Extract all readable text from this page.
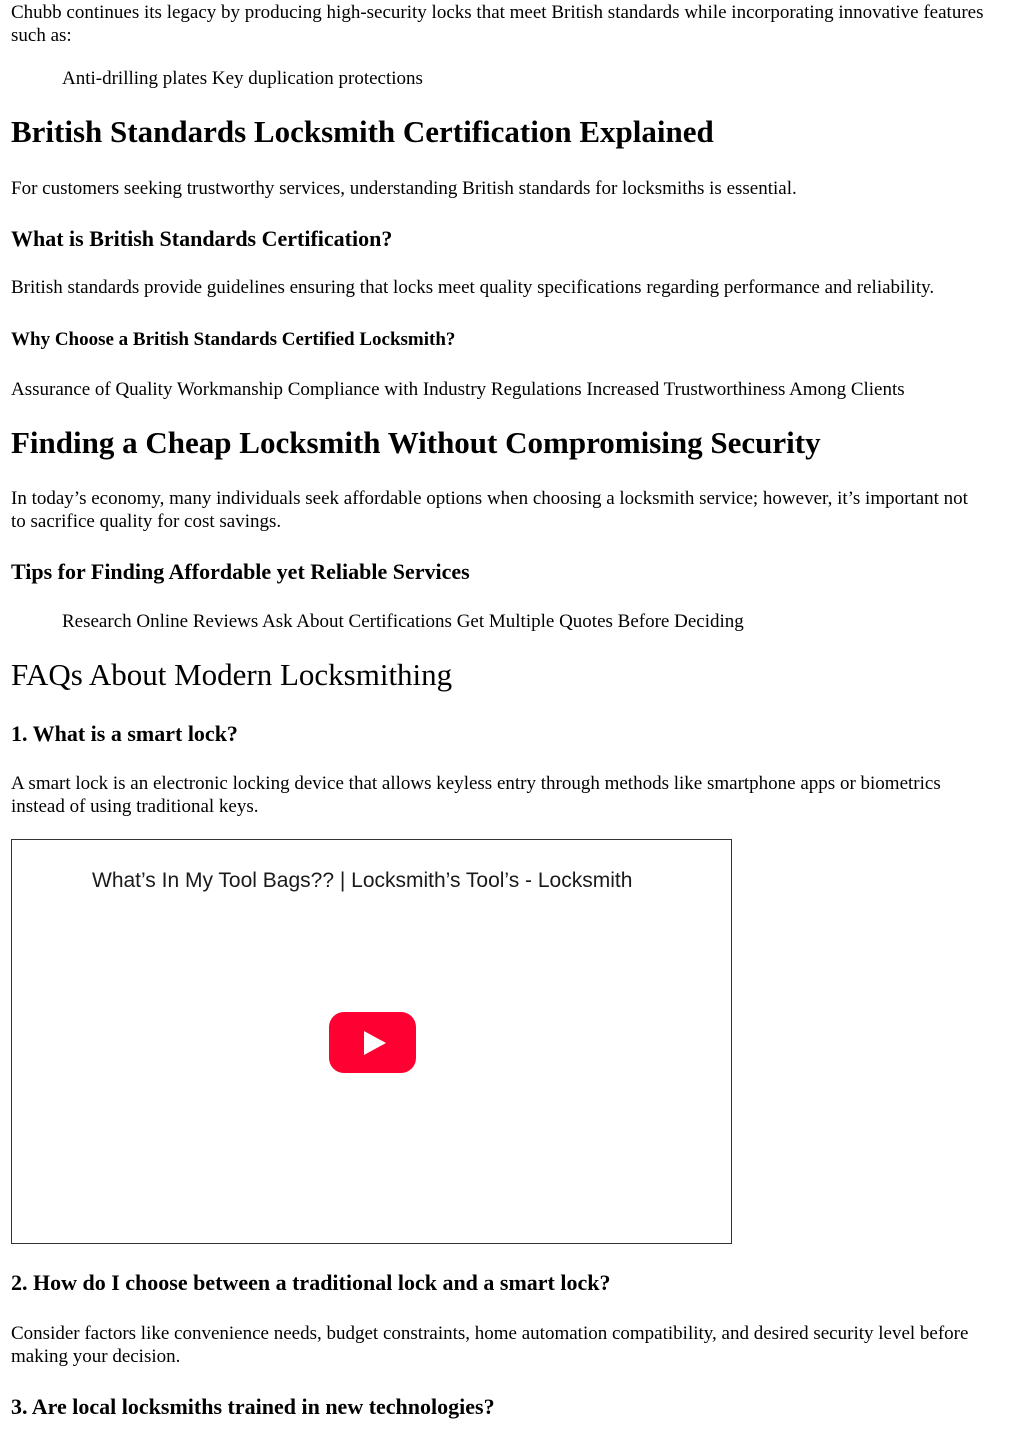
Chubb continues its legacy by producing high-security locks that meet British standards while incorporating innovative features such as:

Anti-drilling plates Key duplication protections

British Standards Locksmith Certification Explained

For customers seeking trustworthy services, understanding British standards for locksmiths is essential.

What is British Standards Certification?

British standards provide guidelines ensuring that locks meet quality specifications regarding performance and reliability.

Why Choose a British Standards Certified Locksmith?

Assurance of Quality Workmanship Compliance with Industry Regulations Increased Trustworthiness Among Clients

Finding a Cheap Locksmith Without Compromising Security

In today’s economy, many individuals seek affordable options when choosing a locksmith service; however, it’s important not to sacrifice quality for cost savings.

Tips for Finding Affordable yet Reliable Services

Research Online Reviews Ask About Certifications Get Multiple Quotes Before Deciding

FAQs About Modern Locksmithing
1. What is a smart lock?

A smart lock is an electronic locking device that allows keyless entry through methods like smartphone apps or biometrics instead of using traditional keys.

What’s In My Tool Bags?? | Locksmith’s Tool’s - Locksmith
2. How do I choose between a traditional lock and a smart lock?

Consider factors like convenience needs, budget constraints, home automation compatibility, and desired security level before making your decision.

3. Are local locksmiths trained in new technologies?
